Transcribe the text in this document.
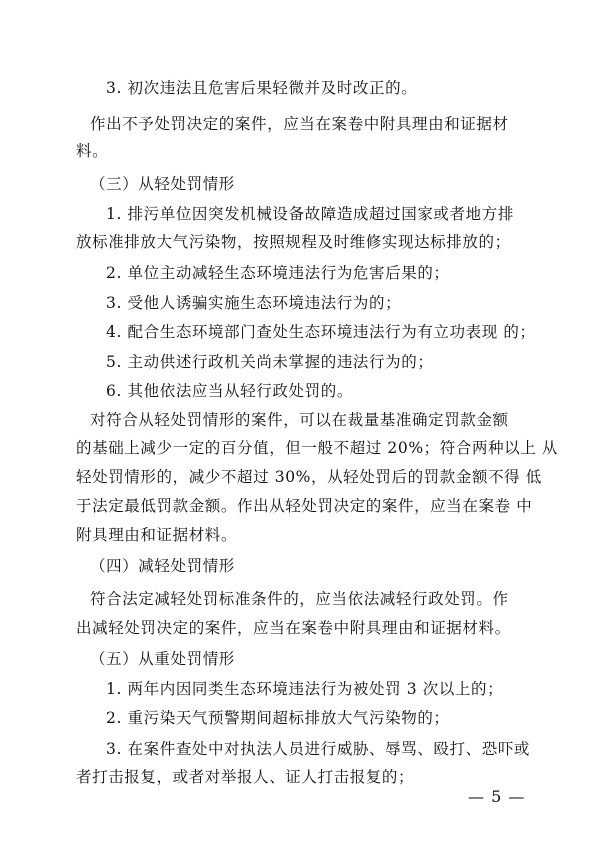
3. 初次违法且危害后果轻微并及时改正的。
作出不予处罚决定的案件，应当在案卷中附具理由和证据材
料。
（三）从轻处罚情形
1. 排污单位因突发机械设备故障造成超过国家或者地方排
放标准排放大气污染物，按照规程及时维修实现达标排放的；
2. 单位主动减轻生态环境违法行为危害后果的；
3. 受他人诱骗实施生态环境违法行为的；
4. 配合生态环境部门查处生态环境违法行为有立功表现 的；
5. 主动供述行政机关尚未掌握的违法行为的；
6. 其他依法应当从轻行政处罚的。
对符合从轻处罚情形的案件，可以在裁量基准确定罚款金额
的基础上减少一定的百分值，但一般不超过 20%；符合两种以上 从
轻处罚情形的，减少不超过 30%，从轻处罚后的罚款金额不得 低
于法定最低罚款金额。作出从轻处罚决定的案件，应当在案卷 中
附具理由和证据材料。
（四）减轻处罚情形
符合法定减轻处罚标准条件的，应当依法减轻行政处罚。作
出减轻处罚决定的案件，应当在案卷中附具理由和证据材料。
（五）从重处罚情形
1. 两年内因同类生态环境违法行为被处罚 3 次以上的；
2. 重污染天气预警期间超标排放大气污染物的；
3. 在案件查处中对执法人员进行威胁、辱骂、殴打、恐吓或
者打击报复，或者对举报人、证人打击报复的；
— 5 —
